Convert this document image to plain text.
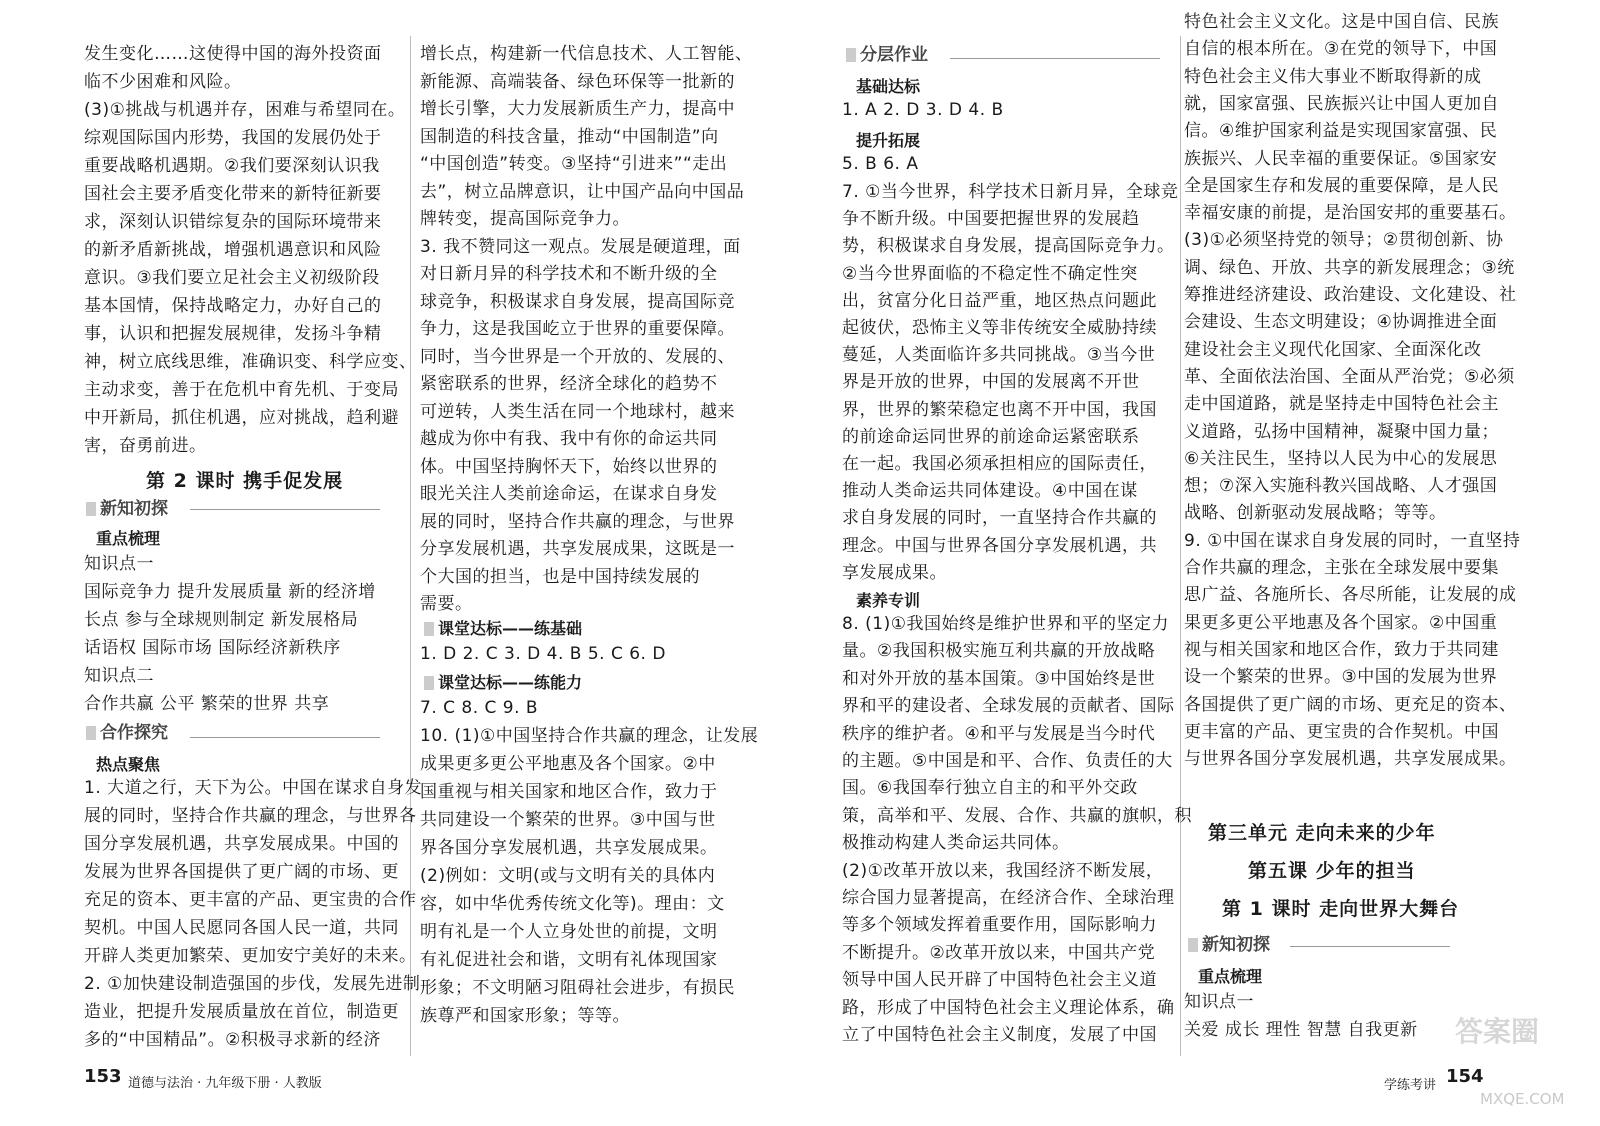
发生变化……这使得中国的海外投资面
临不少困难和风险。
(3)①挑战与机遇并存，困难与希望同在。
综观国际国内形势，我国的发展仍处于
重要战略机遇期。②我们要深刻认识我
国社会主要矛盾变化带来的新特征新要
求，深刻认识错综复杂的国际环境带来
的新矛盾新挑战，增强机遇意识和风险
意识。③我们要立足社会主义初级阶段
基本国情，保持战略定力，办好自己的
事，认识和把握发展规律，发扬斗争精
神，树立底线思维，准确识变、科学应变、
主动求变，善于在危机中育先机、于变局
中开新局，抓住机遇，应对挑战，趋利避
害，奋勇前进。
第 2 课时 携手促发展
新知初探
重点梳理
知识点一
国际竞争力 提升发展质量 新的经济增
长点 参与全球规则制定 新发展格局
话语权 国际市场 国际经济新秩序
知识点二
合作共赢 公平 繁荣的世界 共享
合作探究
热点聚焦
1. 大道之行，天下为公。中国在谋求自身发
展的同时，坚持合作共赢的理念，与世界各
国分享发展机遇，共享发展成果。中国的
发展为世界各国提供了更广阔的市场、更
充足的资本、更丰富的产品、更宝贵的合作
契机。中国人民愿同各国人民一道，共同
开辟人类更加繁荣、更加安宁美好的未来。
2. ①加快建设制造强国的步伐，发展先进制
造业，把提升发展质量放在首位，制造更
多的“中国精品”。②积极寻求新的经济
增长点，构建新一代信息技术、人工智能、
新能源、高端装备、绿色环保等一批新的
增长引擎，大力发展新质生产力，提高中
国制造的科技含量，推动“中国制造”向
“中国创造”转变。③坚持“引进来”“走出
去”，树立品牌意识，让中国产品向中国品
牌转变，提高国际竞争力。
3. 我不赞同这一观点。发展是硬道理，面
对日新月异的科学技术和不断升级的全
球竞争，积极谋求自身发展，提高国际竞
争力，这是我国屹立于世界的重要保障。
同时，当今世界是一个开放的、发展的、
紧密联系的世界，经济全球化的趋势不
可逆转，人类生活在同一个地球村，越来
越成为你中有我、我中有你的命运共同
体。中国坚持胸怀天下，始终以世界的
眼光关注人类前途命运，在谋求自身发
展的同时，坚持合作共赢的理念，与世界
分享发展机遇，共享发展成果，这既是一
个大国的担当，也是中国持续发展的
需要。
课堂达标——练基础
1. D 2. C 3. D 4. B 5. C 6. D
课堂达标——练能力
7. C 8. C 9. B
10. (1)①中国坚持合作共赢的理念，让发展
成果更多更公平地惠及各个国家。②中
国重视与相关国家和地区合作，致力于
共同建设一个繁荣的世界。③中国与世
界各国分享发展机遇，共享发展成果。
(2)例如：文明(或与文明有关的具体内
容，如中华优秀传统文化等)。理由：文
明有礼是一个人立身处世的前提，文明
有礼促进社会和谐，文明有礼体现国家
形象；不文明陋习阻碍社会进步，有损民
族尊严和国家形象；等等。
分层作业
基础达标
1. A 2. D 3. D 4. B
提升拓展
5. B 6. A
7. ①当今世界，科学技术日新月异，全球竞
争不断升级。中国要把握世界的发展趋
势，积极谋求自身发展，提高国际竞争力。
②当今世界面临的不稳定性不确定性突
出，贫富分化日益严重，地区热点问题此
起彼伏，恐怖主义等非传统安全威胁持续
蔓延，人类面临许多共同挑战。③当今世
界是开放的世界，中国的发展离不开世
界，世界的繁荣稳定也离不开中国，我国
的前途命运同世界的前途命运紧密联系
在一起。我国必须承担相应的国际责任，
推动人类命运共同体建设。④中国在谋
求自身发展的同时，一直坚持合作共赢的
理念。中国与世界各国分享发展机遇，共
享发展成果。
素养专训
8. (1)①我国始终是维护世界和平的坚定力
量。②我国积极实施互利共赢的开放战略
和对外开放的基本国策。③中国始终是世
界和平的建设者、全球发展的贡献者、国际
秩序的维护者。④和平与发展是当今时代
的主题。⑤中国是和平、合作、负责任的大
国。⑥我国奉行独立自主的和平外交政
策，高举和平、发展、合作、共赢的旗帜，积
极推动构建人类命运共同体。
(2)①改革开放以来，我国经济不断发展，
综合国力显著提高，在经济合作、全球治理
等多个领域发挥着重要作用，国际影响力
不断提升。②改革开放以来，中国共产党
领导中国人民开辟了中国特色社会主义道
路，形成了中国特色社会主义理论体系，确
立了中国特色社会主义制度，发展了中国
特色社会主义文化。这是中国自信、民族
自信的根本所在。③在党的领导下，中国
特色社会主义伟大事业不断取得新的成
就，国家富强、民族振兴让中国人更加自
信。④维护国家利益是实现国家富强、民
族振兴、人民幸福的重要保证。⑤国家安
全是国家生存和发展的重要保障，是人民
幸福安康的前提，是治国安邦的重要基石。
(3)①必须坚持党的领导；②贯彻创新、协
调、绿色、开放、共享的新发展理念；③统
筹推进经济建设、政治建设、文化建设、社
会建设、生态文明建设；④协调推进全面
建设社会主义现代化国家、全面深化改
革、全面依法治国、全面从严治党；⑤必须
走中国道路，就是坚持走中国特色社会主
义道路，弘扬中国精神，凝聚中国力量；
⑥关注民生，坚持以人民为中心的发展思
想；⑦深入实施科教兴国战略、人才强国
战略、创新驱动发展战略；等等。
9. ①中国在谋求自身发展的同时，一直坚持
合作共赢的理念，主张在全球发展中要集
思广益、各施所长、各尽所能，让发展的成
果更多更公平地惠及各个国家。②中国重
视与相关国家和地区合作，致力于共同建
设一个繁荣的世界。③中国的发展为世界
各国提供了更广阔的市场、更充足的资本、
更丰富的产品、更宝贵的合作契机。中国
与世界各国分享发展机遇，共享发展成果。
第三单元 走向未来的少年
第五课 少年的担当
第 1 课时 走向世界大舞台
新知初探
重点梳理
知识点一
关爱 成长 理性 智慧 自我更新
153 道德与法治 · 九年级下册 · 人教版	学练考讲 154
答案圈
MXQE.COM
